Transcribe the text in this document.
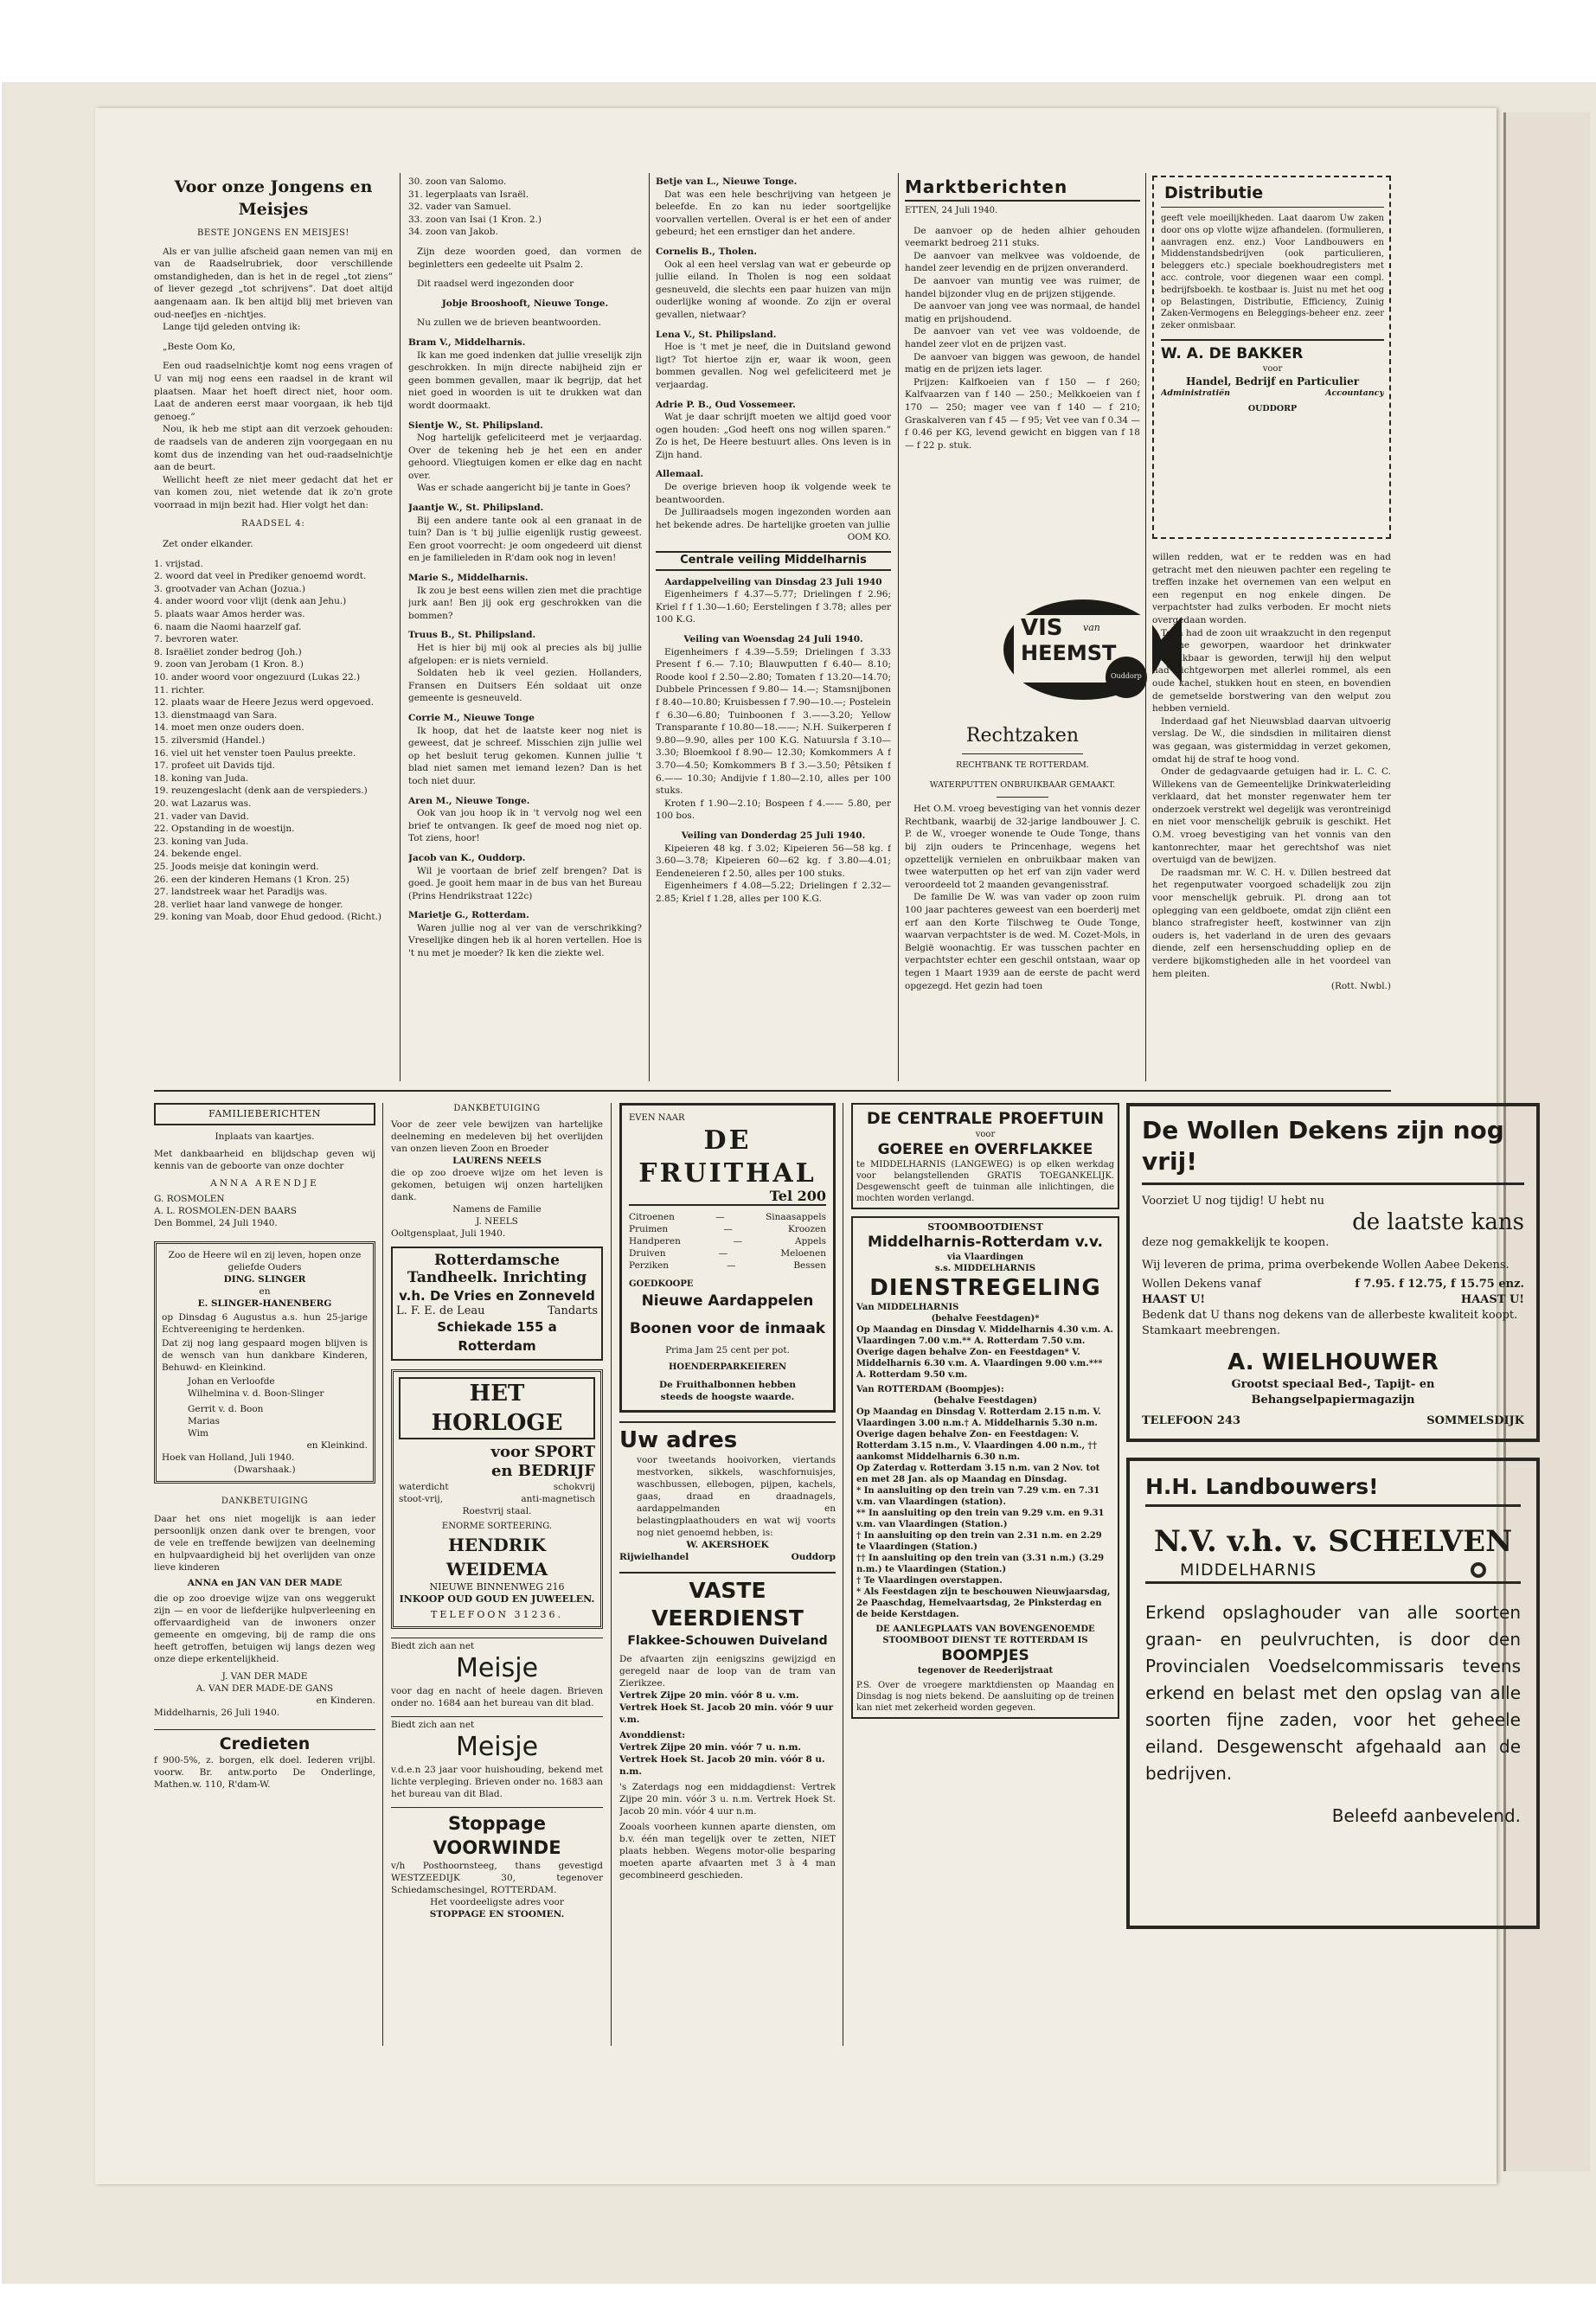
Voor onze Jongens en Meisjes
BESTE JONGENS EN MEISJES!

Als er van jullie afscheid gaan nemen van mij en van de Raadselrubriek, door verschillende omstandigheden, dan is het in de regel „tot ziens” of liever gezegd „tot schrijvens”. Dat doet altijd aangenaam aan. Ik ben altijd blij met brieven van oud-neefjes en -nichtjes.

Lange tijd geleden ontving ik:

„Beste Oom Ko,

Een oud raadselnichtje komt nog eens vragen of U van mij nog eens een raadsel in de krant wil plaatsen. Maar het hoeft direct niet, hoor oom. Laat de anderen eerst maar voorgaan, ik heb tijd genoeg.”

Nou, ik heb me stipt aan dit verzoek gehouden: de raadsels van de anderen zijn voorgegaan en nu komt dus de inzending van het oud-raadselnichtje aan de beurt.

Wellicht heeft ze niet meer gedacht dat het er van komen zou, niet wetende dat ik zo'n grote voorraad in mijn bezit had. Hier volgt het dan:

RAADSEL 4:

Zet onder elkander.

1. vrijstad.
2. woord dat veel in Prediker genoemd wordt.
3. grootvader van Achan (Jozua.)
4. ander woord voor vlijt (denk aan Jehu.)
5. plaats waar Amos herder was.
6. naam die Naomi haarzelf gaf.
7. bevroren water.
8. Israëliet zonder bedrog (Joh.)
9. zoon van Jerobam (1 Kron. 8.)
10. ander woord voor ongezuurd (Lukas 22.)
11. richter.
12. plaats waar de Heere Jezus werd opgevoed.
13. dienstmaagd van Sara.
14. moet men onze ouders doen.
15. zilversmid (Handel.)
16. viel uit het venster toen Paulus preekte.
17. profeet uit Davids tijd.
18. koning van Juda.
19. reuzengeslacht (denk aan de verspieders.)
20. wat Lazarus was.
21. vader van David.
22. Opstanding in de woestijn.
23. koning van Juda.
24. bekende engel.
25. Joods meisje dat koningin werd.
26. een der kinderen Hemans (1 Kron. 25)
27. landstreek waar het Paradijs was.
28. verliet haar land vanwege de honger.
29. koning van Moab, door Ehud gedood. (Richt.)
30. zoon van Salomo.
31. legerplaats van Israël.
32. vader van Samuel.
33. zoon van Isai (1 Kron. 2.)
34. zoon van Jakob.

Zijn deze woorden goed, dan vormen de beginletters een gedeelte uit Psalm 2.

Dit raadsel werd ingezonden door

Jobje Brooshooft, Nieuwe Tonge.

Nu zullen we de brieven beantwoorden.

Bram V., Middelharnis.

Ik kan me goed indenken dat jullie vreselijk zijn geschrokken. In mijn directe nabijheid zijn er geen bommen gevallen, maar ik begrijp, dat het niet goed in woorden is uit te drukken wat dan wordt doormaakt.

Sientje W., St. Philipsland.

Nog hartelijk gefeliciteerd met je verjaardag. Over de tekening heb je het een en ander gehoord. Vliegtuigen komen er elke dag en nacht over.

Was er schade aangericht bij je tante in Goes?

Jaantje W., St. Philipsland.

Bij een andere tante ook al een granaat in de tuin? Dan is 't bij jullie eigenlijk rustig geweest. Een groot voorrecht: je oom ongedeerd uit dienst en je familieleden in R'dam ook nog in leven!

Marie S., Middelharnis.

Ik zou je best eens willen zien met die prachtige jurk aan! Ben jij ook erg geschrokken van die bommen?

Truus B., St. Philipsland.

Het is hier bij mij ook al precies als bij jullie afgelopen: er is niets vernield.

Soldaten heb ik veel gezien. Hollanders, Fransen en Duitsers Eén soldaat uit onze gemeente is gesneuveld.

Corrie M., Nieuwe Tonge

Ik hoop, dat het de laatste keer nog niet is geweest, dat je schreef. Misschien zijn jullie wel op het besluit terug gekomen. Kunnen jullie 't blad niet samen met iemand lezen? Dan is het toch niet duur.

Aren M., Nieuwe Tonge.

Ook van jou hoop ik in 't vervolg nog wel een brief te ontvangen. Ik geef de moed nog niet op. Tot ziens, hoor!

Jacob van K., Ouddorp.

Wil je voortaan de brief zelf brengen? Dat is goed. Je gooit hem maar in de bus van het Bureau (Prins Hendrikstraat 122c)

Marietje G., Rotterdam.

Waren jullie nog al ver van de verschrikking? Vreselijke dingen heb ik al horen vertellen. Hoe is 't nu met je moeder? Ik ken die ziekte wel.

Betje van L., Nieuwe Tonge.

Dat was een hele beschrijving van hetgeen je beleefde. En zo kan nu ieder soortgelijke voorvallen vertellen. Overal is er het een of ander gebeurd; het een ernstiger dan het andere.

Cornelis B., Tholen.

Ook al een heel verslag van wat er gebeurde op jullie eiland. In Tholen is nog een soldaat gesneuveld, die slechts een paar huizen van mijn ouderlijke woning af woonde. Zo zijn er overal gevallen, nietwaar?

Lena V., St. Philipsland.

Hoe is 't met je neef, die in Duitsland gewond ligt? Tot hiertoe zijn er, waar ik woon, geen bommen gevallen. Nog wel gefeliciteerd met je verjaardag.

Adrie P. B., Oud Vossemeer.

Wat je daar schrijft moeten we altijd goed voor ogen houden: „God heeft ons nog willen sparen.” Zo is het, De Heere bestuurt alles. Ons leven is in Zijn hand.

Allemaal.

De overige brieven hoop ik volgende week te beantwoorden.

De Julliraadsels mogen ingezonden worden aan het bekende adres. De hartelijke groeten van jullie

OOM KO.

Centrale veiling Middelharnis

Aardappelveiling van Dinsdag 23 Juli 1940

Eigenheimers f 4.37—5.77; Drielingen f 2.96; Kriel f f 1.30—1.60; Eerstelingen f 3.78; alles per 100 K.G.

Veiling van Woensdag 24 Juli 1940.

Eigenheimers f 4.39—5.59; Drielingen f 3.33 Present f 6.— 7.10; Blauwputten f 6.40— 8.10; Roode kool f 2.50—2.80; Tomaten f 13.20—14.70; Dubbele Princessen f 9.80— 14.—; Stamsnijbonen f 8.40—10.80; Kruisbessen f 7.90—10.—; Postelein f 6.30—6.80; Tuinboonen f 3.——3.20; Yellow Transparante f 10.80—18.——; N.H. Suikerperen f 9.80—9.90, alles per 100 K.G. Natuursla f 3.10—3.30; Bloemkool f 8.90— 12.30; Komkommers A f 3.70—4.50; Komkommers B f 3.—3.50; Pêtsiken f 6.—— 10.30; Andijvie f 1.80—2.10, alles per 100 stuks.

Kroten f 1.90—2.10; Bospeen f 4.—— 5.80, per 100 bos.

Veiling van Donderdag 25 Juli 1940.

Kipeieren 48 kg. f 3.02; Kipeieren 56—58 kg. f 3.60—3.78; Kipeieren 60—62 kg. f 3.80—4.01; Eendeneieren f 2.50, alles per 100 stuks.

Eigenheimers f 4.08—5.22; Drielingen f 2.32—2.85; Kriel f 1.28, alles per 100 K.G.

Marktberichten

ETTEN, 24 Juli 1940.

De aanvoer op de heden alhier gehouden veemarkt bedroeg 211 stuks.

De aanvoer van melkvee was voldoende, de handel zeer levendig en de prijzen onveranderd.

De aanvoer van muntig vee was ruimer, de handel bijzonder vlug en de prijzen stijgende.

De aanvoer van jong vee was normaal, de handel matig en prijshoudend.

De aanvoer van vet vee was voldoende, de handel zeer vlot en de prijzen vast.

De aanvoer van biggen was gewoon, de handel matig en de prijzen iets lager.

Prijzen: Kalfkoeien van f 150 — f 260; Kalfvaarzen van f 140 — 250.; Melkkoeien van f 170 — 250; mager vee van f 140 — f 210; Graskalveren van f 45 — f 95; Vet vee van f 0.34 — f 0.46 per KG, levend gewicht en biggen van f 18 — f 22 p. stuk.

VIS van
HEEMST
Ouddorp
Rechtzaken

RECHTBANK TE ROTTERDAM.

WATERPUTTEN ONBRUIKBAAR GEMAAKT.

Het O.M. vroeg bevestiging van het vonnis dezer Rechtbank, waarbij de 32-jarige landbouwer J. C. P. de W., vroeger wonende te Oude Tonge, thans bij zijn ouders te Princenhage, wegens het opzettelijk vernielen en onbruikbaar maken van twee waterputten op het erf van zijn vader werd veroordeeld tot 2 maanden gevangenisstraf.

De familie De W. was van vader op zoon ruim 100 jaar pachteres geweest van een boerderij met erf aan den Korte Tilschweg te Oude Tonge, waarvan verpachtster is de wed. M. Cozet-Mols, in België woonachtig. Er was tusschen pachter en verpachtster echter een geschil ontstaan, waar op tegen 1 Maart 1939 aan de eerste de pacht werd opgezegd. Het gezin had toen

Distributie
geeft vele moeilijkheden. Laat daarom Uw zaken door ons op vlotte wijze afhandelen. (formulieren, aanvragen enz. enz.) Voor Landbouwers en Middenstandsbedrijven (ook particulieren, beleggers etc.) speciale boekhoudregisters met acc. controle, voor diegenen waar een compl. bedrijfsboekh. te kostbaar is. Juist nu met het oog op Belastingen, Distributie, Efficiency, Zuinig Zaken-Vermogens en Beleggings-beheer enz. zeer zeker onmisbaar.
W. A. DE BAKKER
voor
Handel, Bedrijf en Particulier
Administratiën	Accountancy
OUDDORP

willen redden, wat er te redden was en had getracht met den nieuwen pachter een regeling te treffen inzake het overnemen van een welput en een regenput en nog enkele dingen. De verpachtster had zulks verboden. Er mocht niets overgedaan worden.

Toen had de zoon uit wraakzucht in den regenput creoline geworpen, waardoor het drinkwater onbruikbaar is geworden, terwijl hij den welput had dichtgeworpen met allerlei rommel, als een oude kachel, stukken hout en steen, en bovendien de gemetselde borstwering van den welput zou hebben vernield.

Inderdaad gaf het Nieuwsblad daarvan uitvoerig verslag. De W., die sindsdien in militairen dienst was gegaan, was gistermiddag in verzet gekomen, omdat hij de straf te hoog vond.

Onder de gedagvaarde getuigen had ir. L. C. C. Willekens van de Gemeentelijke Drinkwaterleiding verklaard, dat het monster regenwater hem ter onderzoek verstrekt wel degelijk was verontreinigd en niet voor menschelijk gebruik is geschikt. Het O.M. vroeg bevestiging van het vonnis van den kantonrechter, maar het gerechtshof was niet overtuigd van de bewijzen.

De raadsman mr. W. C. H. v. Dillen bestreed dat het regenputwater voorgoed schadelijk zou zijn voor menschelijk gebruik. Pl. drong aan tot oplegging van een geldboete, omdat zijn cliënt een blanco strafregister heeft, kostwinner van zijn ouders is, het vaderland in de uren des gevaars diende, zelf een hersenschudding opliep en de verdere bijkomstigheden alle in het voordeel van hem pleiten.

(Rott. Nwbl.)

FAMILIEBERICHTEN
Inplaats van kaartjes.
Met dankbaarheid en blijdschap geven wij kennis van de geboorte van onze dochter
ANNA ARENDJE
G. ROSMOLEN
A. L. ROSMOLEN-DEN BAARS
Den Bommel, 24 Juli 1940.
Zoo de Heere wil en zij leven, hopen onze geliefde Ouders
DING. SLINGER
en
E. SLINGER-HANENBERG
op Dinsdag 6 Augustus a.s. hun 25-jarige Echtvereeniging te herdenken.
Dat zij nog lang gespaard mogen blijven is de wensch van hun dankbare Kinderen, Behuwd- en Kleinkind.
Johan en Verloofde
Wilhelmina v. d. Boon-Slinger
Gerrit v. d. Boon
Marias
Wim
en Kleinkind.
Hoek van Holland, Juli 1940.
(Dwarshaak.)
DANKBETUIGING
Daar het ons niet mogelijk is aan ieder persoonlijk onzen dank over te brengen, voor de vele en treffende bewijzen van deelneming en hulpvaardigheid bij het overlijden van onze lieve kinderen
ANNA en JAN VAN DER MADE
die op zoo droevige wijze van ons weggerukt zijn — en voor de liefderijke hulpverleening en offervaardigheid van de inwoners onzer gemeente en omgeving, bij de ramp die ons heeft getroffen, betuigen wij langs dezen weg onze diepe erkentelijkheid.
J. VAN DER MADE
A. VAN DER MADE-DE GANS
en Kinderen.
Middelharnis, 26 Juli 1940.
Credieten
f 900-5%, z. borgen, elk doel. Iederen vrijbl. voorw. Br. antw.porto De Onderlinge, Mathen.w. 110, R'dam-W.
DANKBETUIGING
Voor de zeer vele bewijzen van hartelijke deelneming en medeleven bij het overlijden van onzen lieven Zoon en Broeder
LAURENS NEELS
die op zoo droeve wijze om het leven is gekomen, betuigen wij onzen hartelijken dank.
Namens de Familie
J. NEELS
Ooltgensplaat, Juli 1940.
Rotterdamsche
Tandheelk. Inrichting
v.h. De Vries en Zonneveld
L. F. E. de Leau	Tandarts
Schiekade 155 a Rotterdam
HET HORLOGE
voor SPORT
en BEDRIJF
waterdicht	schokvrij
stoot-vrij,	anti-magnetisch
Roestvrij staal.
ENORME SORTEERING.
HENDRIK WEIDEMA
NIEUWE BINNENWEG 216
INKOOP OUD GOUD EN JUWEELEN.
TELEFOON 31236.
Biedt zich aan net
Meisje
voor dag en nacht of heele dagen. Brieven onder no. 1684 aan het bureau van dit blad.
Biedt zich aan net
Meisje
v.d.e.n 23 jaar voor huishouding, bekend met lichte verpleging. Brieven onder no. 1683 aan het bureau van dit Blad.
Stoppage VOORWINDE
v/h Posthoornsteeg, thans gevestigd WESTZEEDIJK 30, tegenover Schiedamschesingel, ROTTERDAM.
Het voordeeligste adres voor
STOPPAGE EN STOOMEN.
EVEN NAAR
DE FRUITHAL
Tel 200
Citroenen	—	Sinaasappels
Pruimen	—	Kroozen
Handperen	—	Appels
Druiven	—	Meloenen
Perziken	—	Bessen
GOEDKOOPE
Nieuwe Aardappelen
Boonen voor de inmaak
Prima Jam 25 cent per pot.
HOENDERPARKEIEREN
De Fruithalbonnen hebben
steeds de hoogste waarde.
Uw adres
voor tweetands hooivorken, viertands mestvorken, sikkels, waschfornuisjes, waschbussen, ellebogen, pijpen, kachels, gaas, draad en draadnagels, aardappelmanden en belastingplaathouders en wat wij voorts nog niet genoemd hebben, is:
W. AKERSHOEK
Rijwielhandel	Ouddorp
VASTE VEERDIENST
Flakkee-Schouwen Duiveland
De afvaarten zijn eenigszins gewijzigd en geregeld naar de loop van de tram van Zierikzee.
Vertrek Zijpe 20 min. vóór 8 u. v.m.
Vertrek Hoek St. Jacob 20 min. vóór 9 uur v.m.
Avonddienst:
Vertrek Zijpe 20 min. vóór 7 u. n.m.
Vertrek Hoek St. Jacob 20 min. vóór 8 u. n.m.
's Zaterdags nog een middagdienst: Vertrek Zijpe 20 min. vóór 3 u. n.m. Vertrek Hoek St. Jacob 20 min. vóór 4 uur n.m.
Zooals voorheen kunnen aparte diensten, om b.v. één man tegelijk over te zetten, NIET plaats hebben. Wegens motor-olie besparing moeten aparte afvaarten met 3 à 4 man gecombineerd geschieden.
DE CENTRALE PROEFTUIN
voor
GOEREE en OVERFLAKKEE
te MIDDELHARNIS (LANGEWEG) is op elken werkdag voor belangstellenden GRATIS TOEGANKELIJK. Desgewenscht geeft de tuinman alle inlichtingen, die mochten worden verlangd.
STOOMBOOTDIENST
Middelharnis-Rotterdam v.v.
via Vlaardingen
s.s. MIDDELHARNIS
DIENSTREGELING
Van MIDDELHARNIS
(behalve Feestdagen)*
Op Maandag en Dinsdag V. Middelharnis 4.30 v.m. A. Vlaardingen 7.00 v.m.** A. Rotterdam 7.50 v.m.
Overige dagen behalve Zon- en Feestdagen* V. Middelharnis 6.30 v.m. A. Vlaardingen 9.00 v.m.*** A. Rotterdam 9.50 v.m.
Van ROTTERDAM (Boompjes):
(behalve Feestdagen)
Op Maandag en Dinsdag V. Rotterdam 2.15 n.m. V. Vlaardingen 3.00 n.m.† A. Middelharnis 5.30 n.m.
Overige dagen behalve Zon- en Feestdagen: V. Rotterdam 3.15 n.m., V. Vlaardingen 4.00 n.m., †† aankomst Middelharnis 6.30 n.m.
Op Zaterdag v. Rotterdam 3.15 n.m. van 2 Nov. tot en met 28 Jan. als op Maandag en Dinsdag.
* In aansluiting op den trein van 7.29 v.m. en 7.31 v.m. van Vlaardingen (station).
** In aansluiting op den trein van 9.29 v.m. en 9.31 v.m. van Vlaardingen (Station.)
† In aansluiting op den trein van 2.31 n.m. en 2.29 te Vlaardingen (Station.)
†† In aansluiting op den trein van (3.31 n.m.) (3.29 n.m.) te Vlaardingen (Station.)
† Te Vlaardingen overstappen.
* Als Feestdagen zijn te beschouwen Nieuwjaarsdag, 2e Paaschdag, Hemelvaartsdag, 2e Pinksterdag en de beide Kerstdagen.
DE AANLEGPLAATS VAN BOVENGENOEMDE STOOMBOOT DIENST TE ROTTERDAM IS
BOOMPJES
tegenover de Reederijstraat
P.S. Over de vroegere marktdiensten op Maandag en Dinsdag is nog niets bekend. De aansluiting op de treinen kan niet met zekerheid worden gegeven.
De Wollen Dekens zijn nog vrij!
Voorziet U nog tijdig! U hebt nu
de laatste kans
deze nog gemakkelijk te koopen.
Wij leveren de prima, prima overbekende Wollen Aabee Dekens.
Wollen Dekens vanaf	f 7.95. f 12.75, f 15.75 enz.
HAAST U!	HAAST U!
Bedenk dat U thans nog dekens van de allerbeste kwaliteit koopt. Stamkaart meebrengen.
A. WIELHOUWER
Grootst speciaal Bed-, Tapijt- en
Behangselpapiermagazijn
TELEFOON 243	SOMMELSDIJK
H.H. Landbouwers!
N.V. v.h. v. SCHELVEN
MIDDELHARNIS
Erkend opslaghouder van alle soorten graan- en peulvruchten, is door den Provincialen Voedselcommissaris tevens erkend en belast met den opslag van alle soorten fijne zaden, voor het geheele eiland. Desgewenscht afgehaald aan de bedrijven.
Beleefd aanbevelend.
